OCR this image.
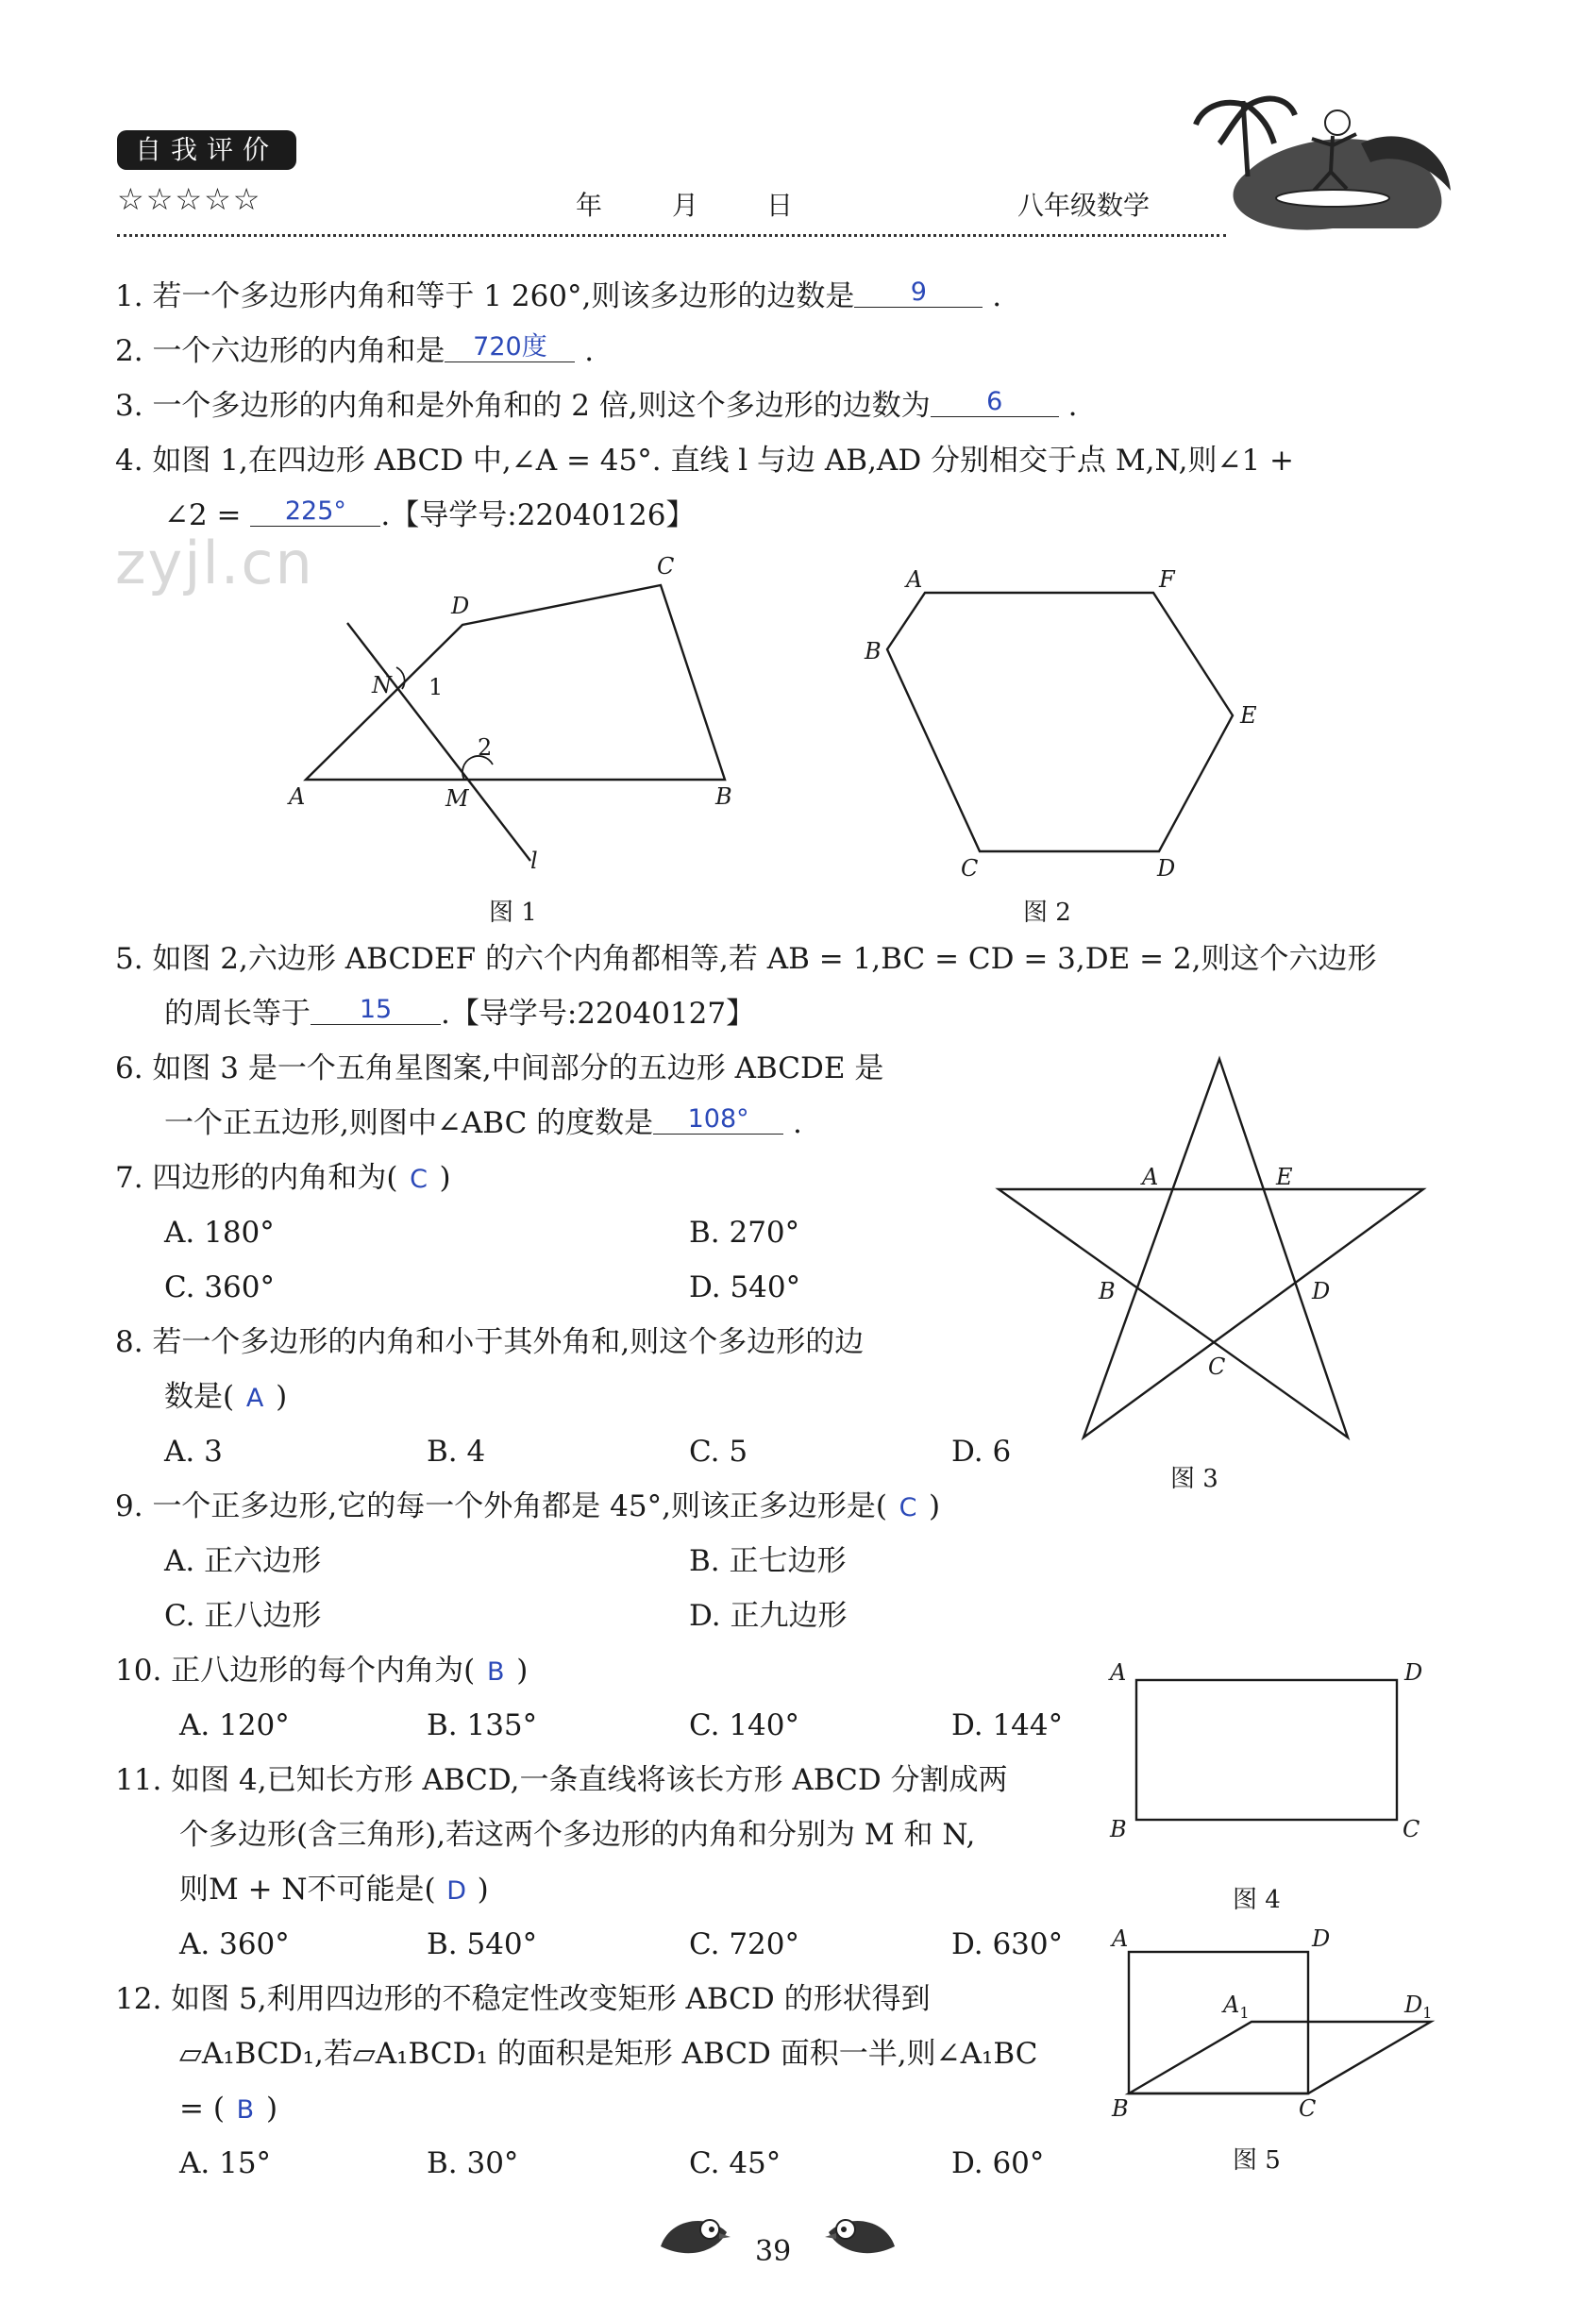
自我评价
☆☆☆☆☆	年	月	日	八年级数学
zyjl.cn
1. 若一个多边形内角和等于 1 260°,则该多边形的边数是 9 .
2. 一个六边形的内角和是 720度 .
3. 一个多边形的内角和是外角和的 2 倍,则这个多边形的边数为 6 .
4. 如图 1,在四边形 ABCD 中,∠A = 45°. 直线 l 与边 AB,AD 分别相交于点 M,N,则∠1 +
∠2 = 225° .【导学号:22040126】
A	B
C
D
M
N
l
1
2
图 1
A	F
B
E
C	D
图 2
5. 如图 2,六边形 ABCDEF 的六个内角都相等,若 AB = 1,BC = CD = 3,DE = 2,则这个六边形
的周长等于 15 .【导学号:22040127】
6. 如图 3 是一个五角星图案,中间部分的五边形 ABCDE 是
一个正五边形,则图中∠ABC 的度数是 108° .
A	E
B	D
C
图 3
7. 四边形的内角和为( C )
A. 180°	B. 270°
C. 360°	D. 540°
8. 若一个多边形的内角和小于其外角和,则这个多边形的边
数是( A )
A. 3	B. 4	C. 5	D. 6
9. 一个正多边形,它的每一个外角都是 45°,则该正多边形是( C )
A. 正六边形	B. 正七边形
C. 正八边形	D. 正九边形
10. 正八边形的每个内角为( B )
A. 120°	B. 135°	C. 140°	D. 144°
A	D
B	C
图 4
11. 如图 4,已知长方形 ABCD,一条直线将该长方形 ABCD 分割成两
个多边形(含三角形),若这两个多边形的内角和分别为 M 和 N,
则M + N不可能是( D )
A. 360°	B. 540°	C. 720°	D. 630° A	D
B	C
$A_1$	$D_1$
图 5
12. 如图 5,利用四边形的不稳定性改变矩形 ABCD 的形状得到
▱A₁BCD₁,若▱A₁BCD₁ 的面积是矩形 ABCD 面积一半,则∠A₁BC
= ( B )
A. 15°	B. 30°	C. 45°	D. 60°
39
